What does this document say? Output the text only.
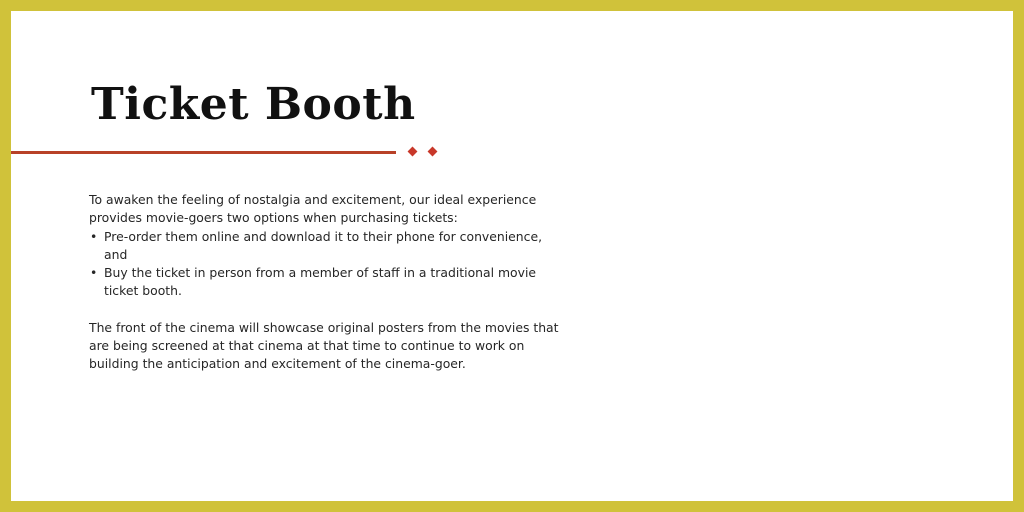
Ticket Booth

To awaken the feeling of nostalgia and excitement, our ideal experience provides movie-goers two options when purchasing tickets:

• Pre-order them online and download it to their phone for convenience, and
• Buy the ticket in person from a member of staff in a traditional movie ticket booth.

The front of the cinema will showcase original posters from the movies that are being screened at that cinema at that time to continue to work on building the anticipation and excitement of the cinema-goer.
